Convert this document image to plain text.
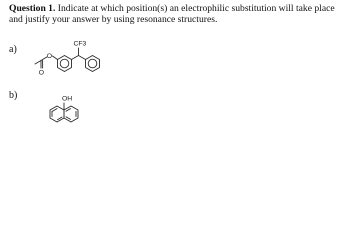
Question 1. Indicate at which position(s) an electrophilic substitution will take place and justify your answer by using resonance structures.
a)
O
O
CF3
b)	OH
